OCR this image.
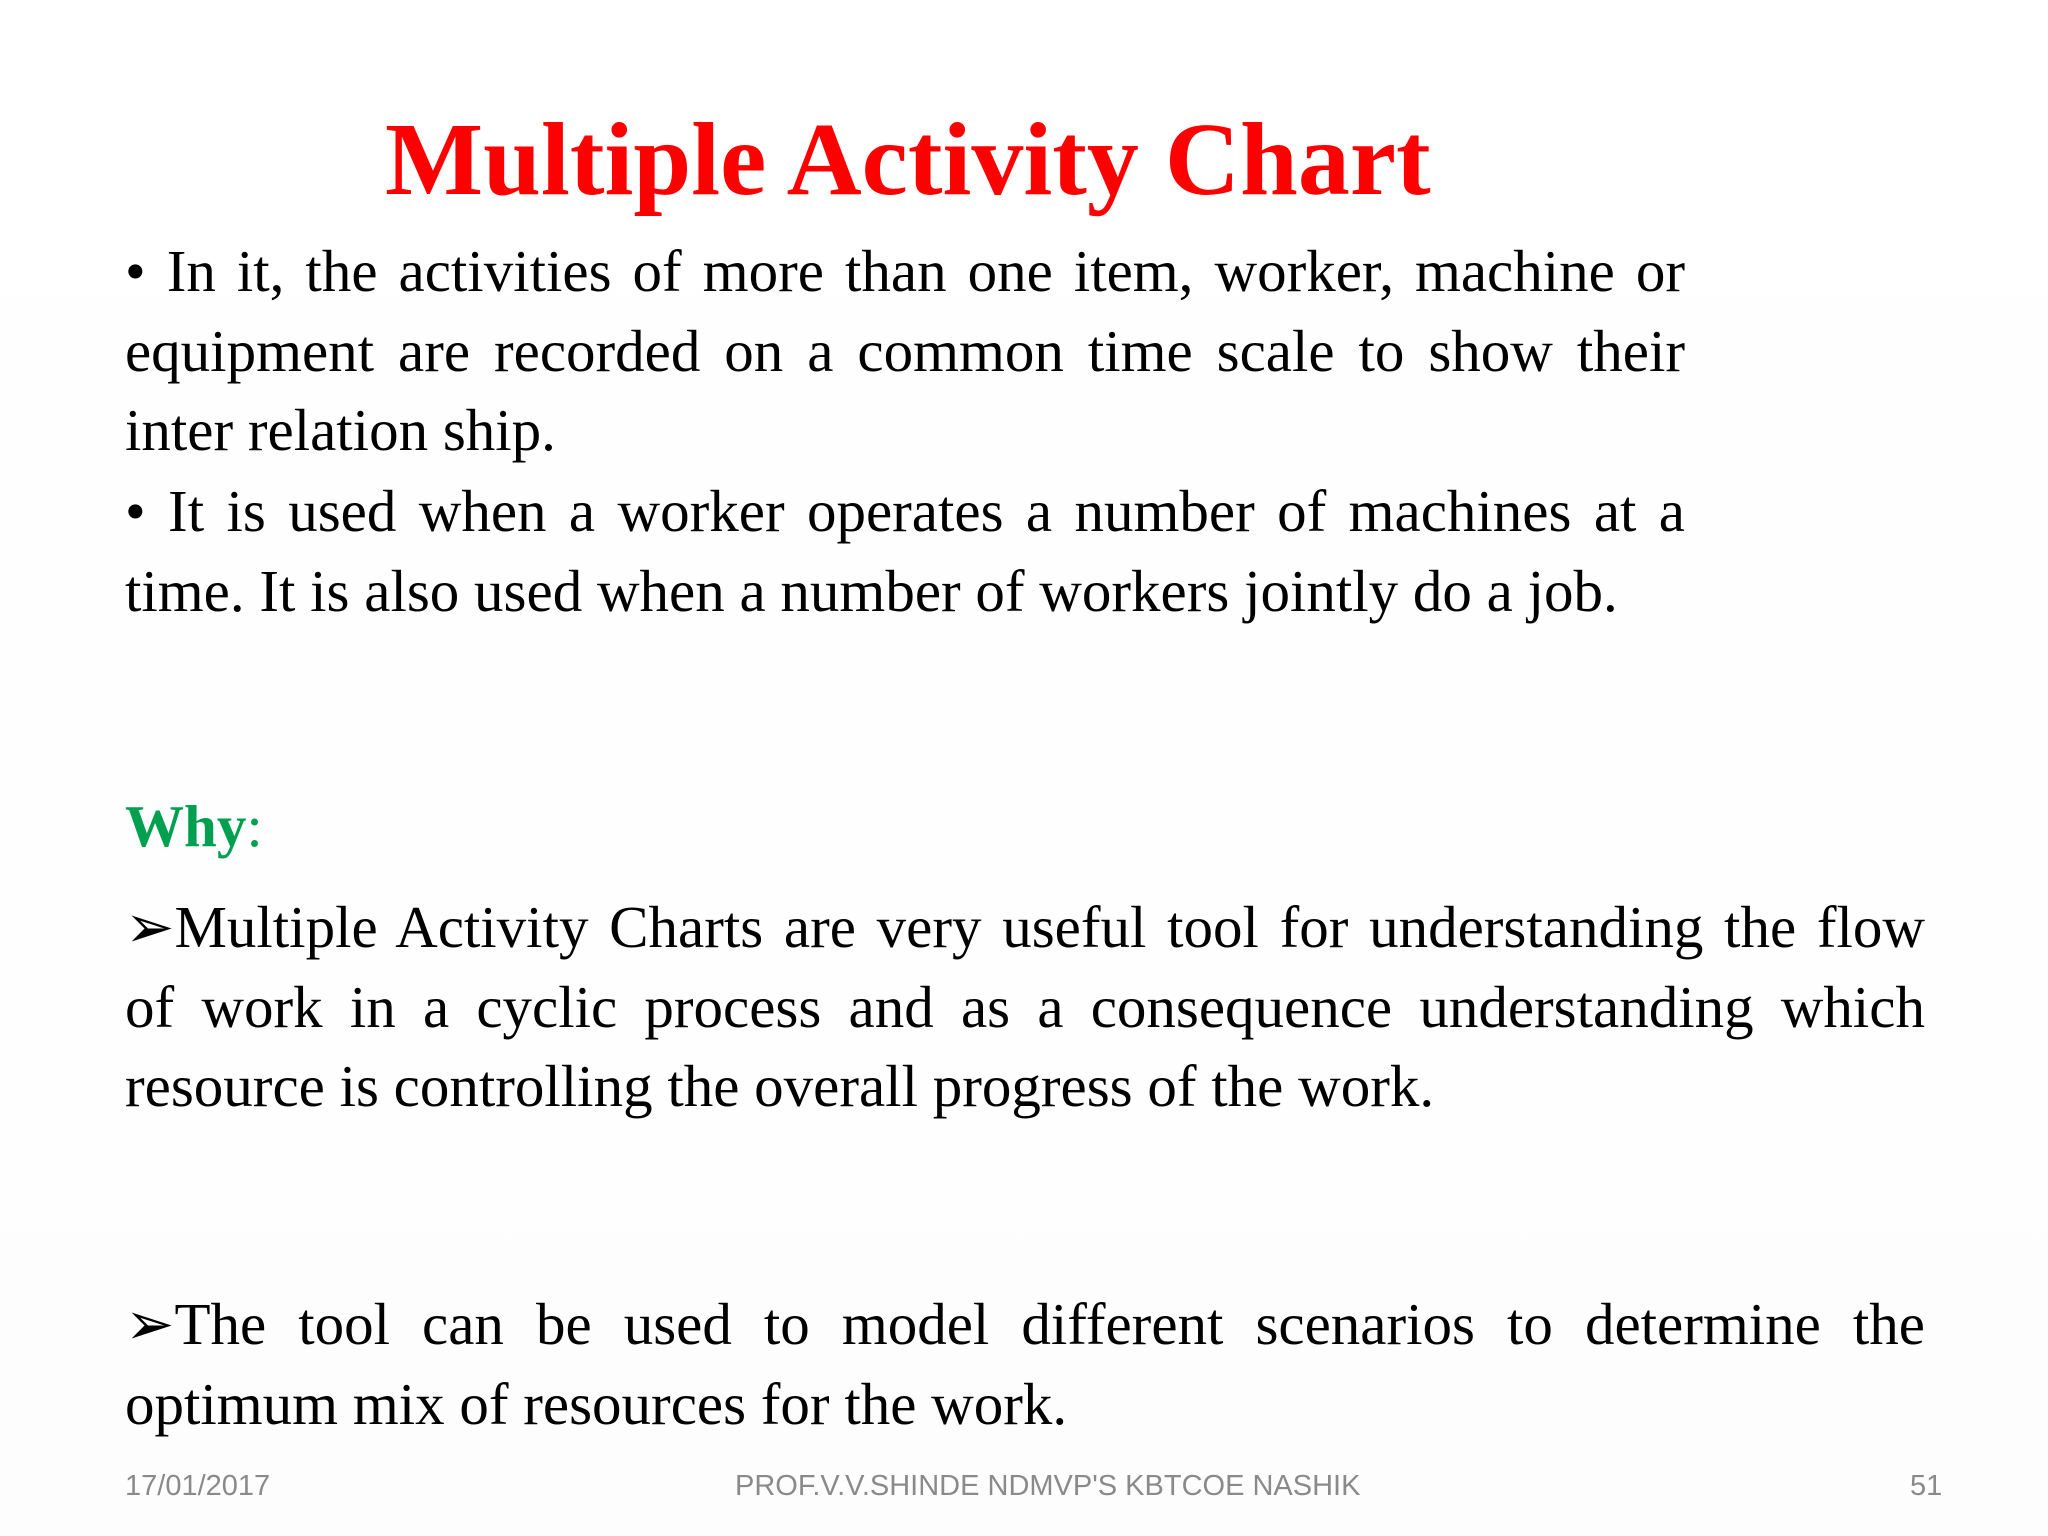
Multiple Activity Chart

• In it, the activities of more than one item, worker, machine or equipment are recorded on a common time scale to show their inter relation ship.

• It is used when a worker operates a number of machines at a time. It is also used when a number of workers jointly do a job.

Why:

➢Multiple Activity Charts are very useful tool for understanding the flow of work in a cyclic process and as a consequence understanding which resource is controlling the overall progress of the work.

➢The tool can be used to model different scenarios to determine the optimum mix of resources for the work.

17/01/2017	PROF.V.V.SHINDE NDMVP'S KBTCOE NASHIK	51
